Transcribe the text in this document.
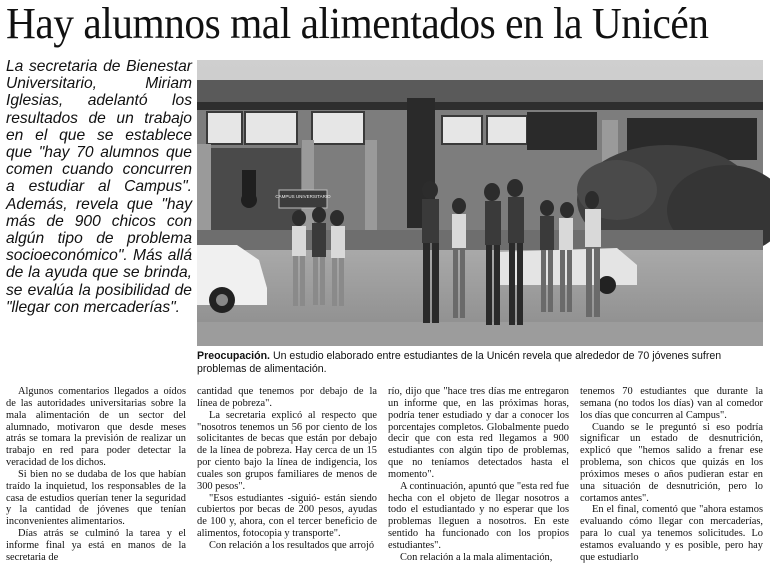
Hay alumnos mal alimentados en la Unicén
La secretaria de Bienestar Universitario, Miriam Iglesias, adelantó los resultados de un trabajo en el que se establece que "hay 70 alumnos que comen cuando concurren a estudiar al Campus". Además, revela que "hay más de 900 chicos con algún tipo de problema socioeconómico". Más allá de la ayuda que se brinda, se evalúa la posibilidad de "llegar con mercaderías".
CAMPUS UNIVERSITARIO
Preocupación. Un estudio elaborado entre estudiantes de la Unicén revela que alrededor de 70 jóvenes sufren problemas de alimentación.

Algunos comentarios llegados a oídos de las autoridades universitarias sobre la mala alimentación de un sector del alumnado, motivaron que desde meses atrás se tomara la previsión de realizar un trabajo en red para poder detectar la veracidad de los dichos.

Si bien no se dudaba de los que habían traído la inquietud, los responsables de la casa de estudios querían tener la seguridad y la cantidad de jóvenes que tenían inconvenientes alimentarios.

Días atrás se culminó la tarea y el informe final ya está en manos de la secretaria de

cantidad que tenemos por debajo de la línea de pobreza".

La secretaria explicó al respecto que "nosotros tenemos un 56 por ciento de los solicitantes de becas que están por debajo de la línea de pobreza. Hay cerca de un 15 por ciento bajo la línea de indigencia, los cuales son grupos familiares de menos de 300 pesos".

"Esos estudiantes -siguió- están siendo cubiertos por becas de 200 pesos, ayudas de 100 y, ahora, con el tercer beneficio de alimentos, fotocopia y transporte".

Con relación a los resultados que arrojó

río, dijo que "hace tres días me entregaron un informe que, en las próximas horas, podría tener estudiado y dar a conocer los porcentajes completos. Globalmente puedo decir que con esta red llegamos a 900 estudiantes con algún tipo de problemas, que no teníamos detectados hasta el momento".

A continuación, apuntó que "esta red fue hecha con el objeto de llegar nosotros a todo el estudiantado y no esperar que los problemas lleguen a nosotros. En este sentido ha funcionado con los propios estudiantes".

Con relación a la mala alimentación,

tenemos 70 estudiantes que durante la semana (no todos los días) van al comedor los días que concurren al Campus".

Cuando se le preguntó si eso podría significar un estado de desnutrición, explicó que "hemos salido a frenar ese problema, son chicos que quizás en los próximos meses o años pudieran estar en una situación de desnutrición, pero lo cortamos antes".

En el final, comentó que "ahora estamos evaluando cómo llegar con mercaderías, para lo cual ya tenemos solicitudes. Lo estamos evaluando y es posible, pero hay que estudiarlo
